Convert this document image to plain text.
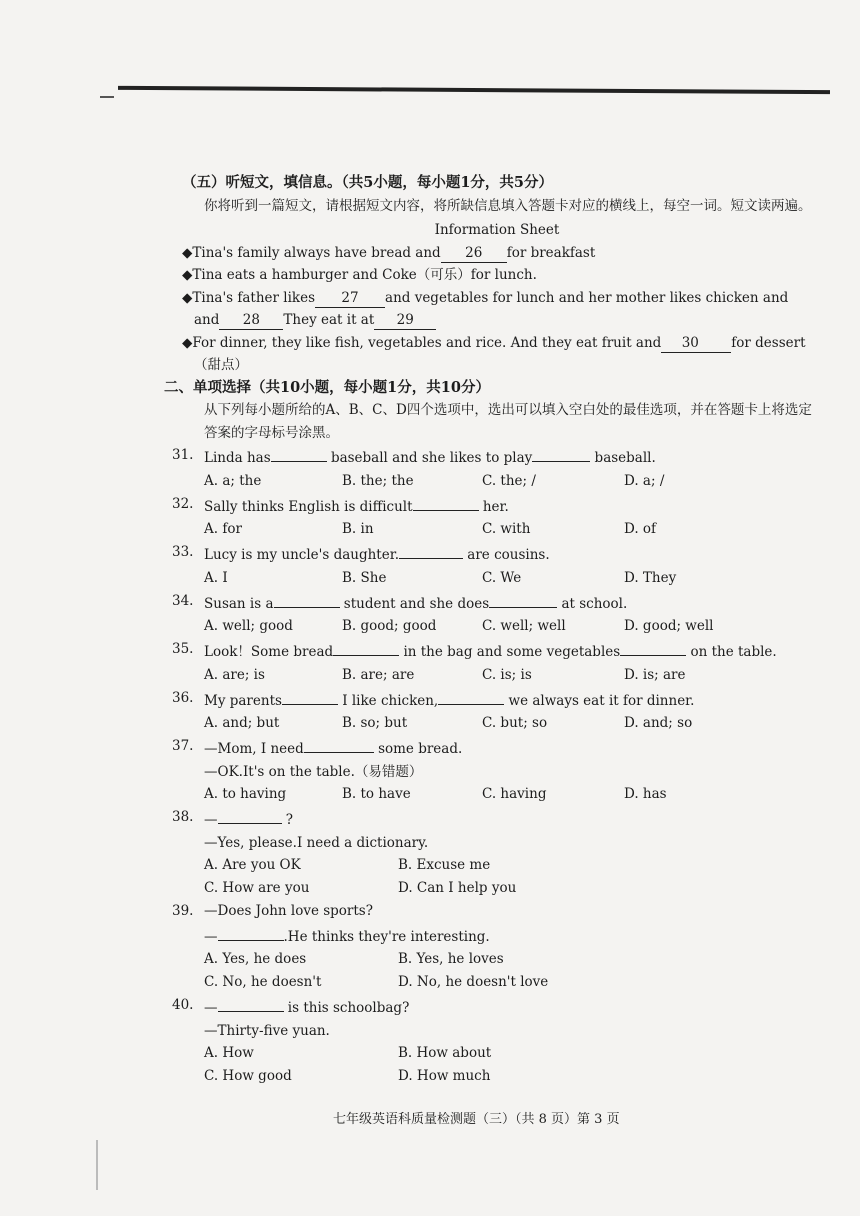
（五）听短文，填信息。（共5小题，每小题1分，共5分）
你将听到一篇短文，请根据短文内容，将所缺信息填入答题卡对应的横线上，每空一词。短文读两遍。
Information Sheet
◆Tina's family always have bread and 26 for breakfast
◆Tina eats a hamburger and Coke（可乐）for lunch.
◆Tina's father likes 27 and vegetables for lunch and her mother likes chicken and
and 28 They eat it at 29
◆For dinner, they like fish, vegetables and rice. And they eat fruit and 30 for dessert（甜点）
二、单项选择（共10小题，每小题1分，共10分）
从下列每小题所给的A、B、C、D四个选项中，选出可以填入空白处的最佳选项，并在答题卡上将选定答案的字母标号涂黑。
31. Linda has	baseball and she likes to play	baseball.
A. a; the	B. the; the	C. the; /	D. a; /
32. Sally thinks English is difficult	her.
A. for	B. in	C. with	D. of
33. Lucy is my uncle's daughter.	are cousins.
A. I	B. She	C. We	D. They
34. Susan is a	student and she does	at school.
A. well; good	B. good; good	C. well; well	D. good; well
35. Look！Some bread	in the bag and some vegetables	on the table.
A. are; is	B. are; are	C. is; is	D. is; are
36. My parents	I like chicken,	we always eat it for dinner.
A. and; but	B. so; but	C. but; so	D. and; so
37. —Mom, I need	some bread.
—OK.It's on the table.（易错题）
A. to having	B. to have	C. having	D. has
38. —	?
—Yes, please.I need a dictionary.
A. Are you OK	B. Excuse me
C. How are you	D. Can I help you
39. —Does John love sports?
—	.He thinks they're interesting.
A. Yes, he does	B. Yes, he loves
C. No, he doesn't	D. No, he doesn't love
40. —	is this schoolbag?
—Thirty-five yuan.
A. How	B. How about
C. How good	D. How much
七年级英语科质量检测题（三）（共 8 页）第 3 页
